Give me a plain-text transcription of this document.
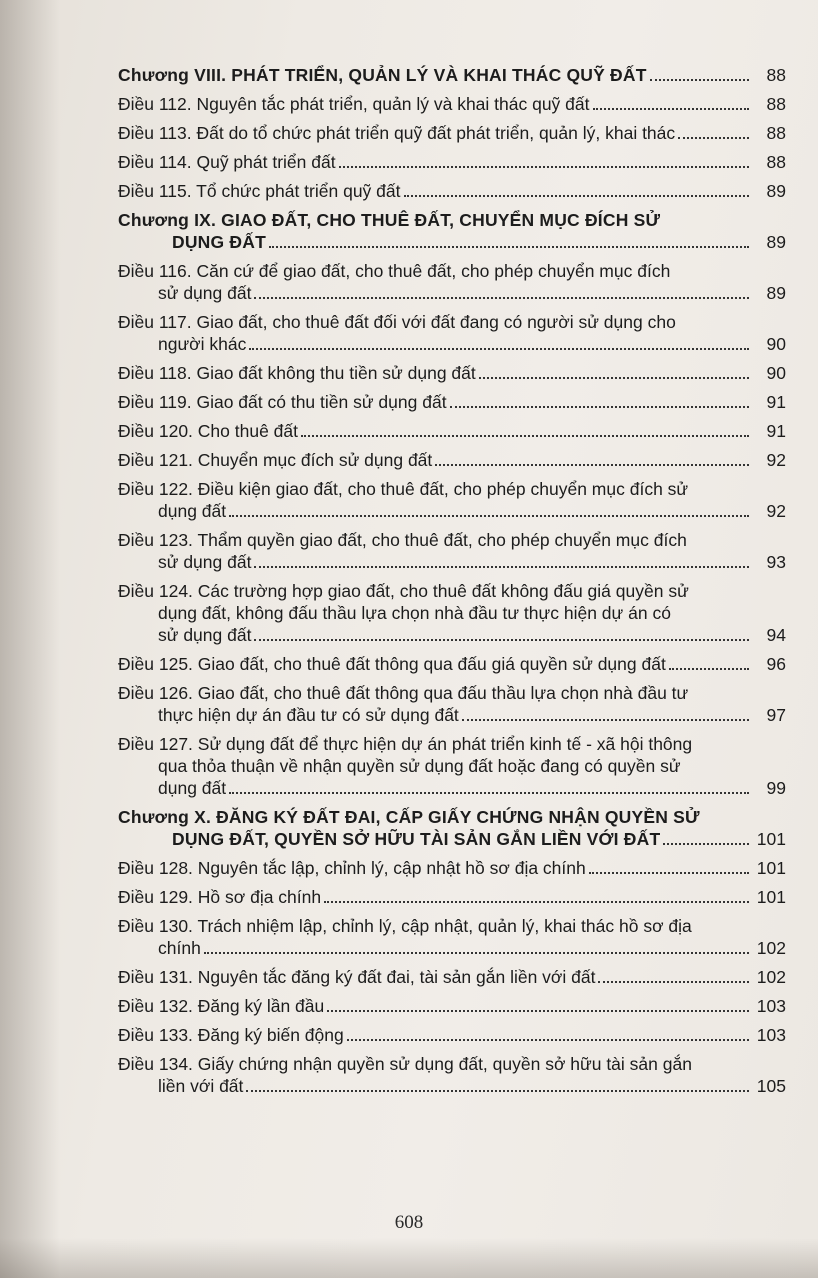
Chương VIII. PHÁT TRIỂN, QUẢN LÝ VÀ KHAI THÁC QUỸ ĐẤT	88
Điều 112. Nguyên tắc phát triển, quản lý và khai thác quỹ đất	88
Điều 113. Đất do tổ chức phát triển quỹ đất phát triển, quản lý, khai thác	88
Điều 114. Quỹ phát triển đất	88
Điều 115. Tổ chức phát triển quỹ đất	89
Chương IX. GIAO ĐẤT, CHO THUÊ ĐẤT, CHUYỂN MỤC ĐÍCH SỬ
DỤNG ĐẤT	89
Điều 116. Căn cứ để giao đất, cho thuê đất, cho phép chuyển mục đích
sử dụng đất	89
Điều 117. Giao đất, cho thuê đất đối với đất đang có người sử dụng cho
người khác	90
Điều 118. Giao đất không thu tiền sử dụng đất	90
Điều 119. Giao đất có thu tiền sử dụng đất	91
Điều 120. Cho thuê đất	91
Điều 121. Chuyển mục đích sử dụng đất	92
Điều 122. Điều kiện giao đất, cho thuê đất, cho phép chuyển mục đích sử
dụng đất	92
Điều 123. Thẩm quyền giao đất, cho thuê đất, cho phép chuyển mục đích
sử dụng đất	93
Điều 124. Các trường hợp giao đất, cho thuê đất không đấu giá quyền sử
dụng đất, không đấu thầu lựa chọn nhà đầu tư thực hiện dự án có
sử dụng đất	94
Điều 125. Giao đất, cho thuê đất thông qua đấu giá quyền sử dụng đất	96
Điều 126. Giao đất, cho thuê đất thông qua đấu thầu lựa chọn nhà đầu tư
thực hiện dự án đầu tư có sử dụng đất	97
Điều 127. Sử dụng đất để thực hiện dự án phát triển kinh tế - xã hội thông
qua thỏa thuận về nhận quyền sử dụng đất hoặc đang có quyền sử
dụng đất	99
Chương X. ĐĂNG KÝ ĐẤT ĐAI, CẤP GIẤY CHỨNG NHẬN QUYỀN SỬ
DỤNG ĐẤT, QUYỀN SỞ HỮU TÀI SẢN GẮN LIỀN VỚI ĐẤT	101
Điều 128. Nguyên tắc lập, chỉnh lý, cập nhật hồ sơ địa chính	101
Điều 129. Hồ sơ địa chính	101
Điều 130. Trách nhiệm lập, chỉnh lý, cập nhật, quản lý, khai thác hồ sơ địa
chính	102
Điều 131. Nguyên tắc đăng ký đất đai, tài sản gắn liền với đất	102
Điều 132. Đăng ký lần đầu	103
Điều 133. Đăng ký biến động	103
Điều 134. Giấy chứng nhận quyền sử dụng đất, quyền sở hữu tài sản gắn
liền với đất	105
608
